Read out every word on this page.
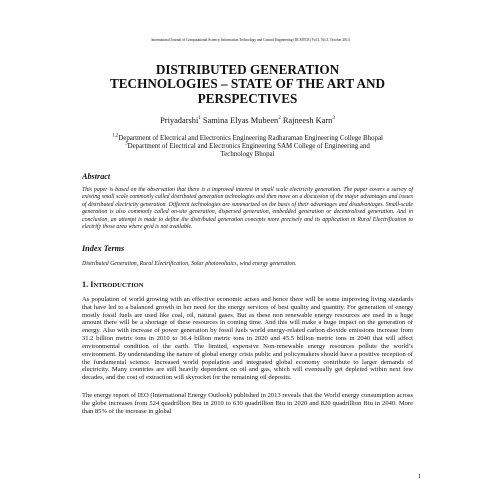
International Journal of Computational Science, Information Technology and Control Engineering (IJCSITCE) Vol.1, No.3, October 2014
DISTRIBUTED GENERATION
TECHNOLOGIES – STATE OF THE ART AND
PERSPECTIVES
Priyadarshi$^1$ Samina Elyas Mubeen$^2$ Rajneesh Karn$^3$
$^{1,2}$Department of Electrical and Electronics Engineering Radharaman Engineering College Bhopal
$^3$Department of Electrical and Electronics Engineering SAM College of Engineering and
Technology Bhopal
Abstract
This paper is based on the observation that there is a improved interest in small scale electricity generation. The paper covers a survey of existing small scale commonly called distributed generation technologies and then move on a discussion of the major advantages and issues of distributed electricity generation. Different technologies are summarized on the basis of their advantages and disadvantages. Small-scale generation is also commonly called on-site generation, dispersed generation, embedded generation or decentralised generation. And in conclusion, an attempt is made to define the distributed generation concepts more precisely and its application in Rural Electrification to electrify those area where grid is not available.
Index Terms
Distributed Generation, Rural Electrification, Solar photovoltaics, wind energy generation.
1. INTRODUCTION

As population of world growing with an effective economic arises and hence there will be some improving living standards that have led to a balanced growth in her need for the energy services of best quality and quantity. For generation of energy mostly fossil fuels are used like coal, oil, natural gases. But as these non renewable energy resources are used in a huge amount there will be a shortage of these resources in coming time. And this will make a huge impact on the generation of energy. Also with increase of power generation by fossil fuels world energy-related carbon dioxide emissions increase from 31.2 billion metric tons in 2010 to 36.4 billion metric tons in 2020 and 45.5 billion metric tons in 2040 that will affect environmental condition of the earth. The limited, expensive Non-renewable energy resources pollute the world’s environment. By understanding the nature of global energy crisis public and policymakers should have a positive reception of the fundamental science. Increased world population and integrated global economy contribute to larger demands of electricity. Many countries are still heavily dependent on oil and gas, which will eventually get depleted within next few decades, and the cost of extraction will skyrocket for the remaining oil deposits.

The energy report of IEO (International Energy Outlook) published in 2013 reveals that the World energy consumption across the globe increases from 524 quadrillion Btu in 2010 to 630 quadrillion Btu in 2020 and 820 quadrillion Btu in 2040. More than 85% of the increase in global

1
